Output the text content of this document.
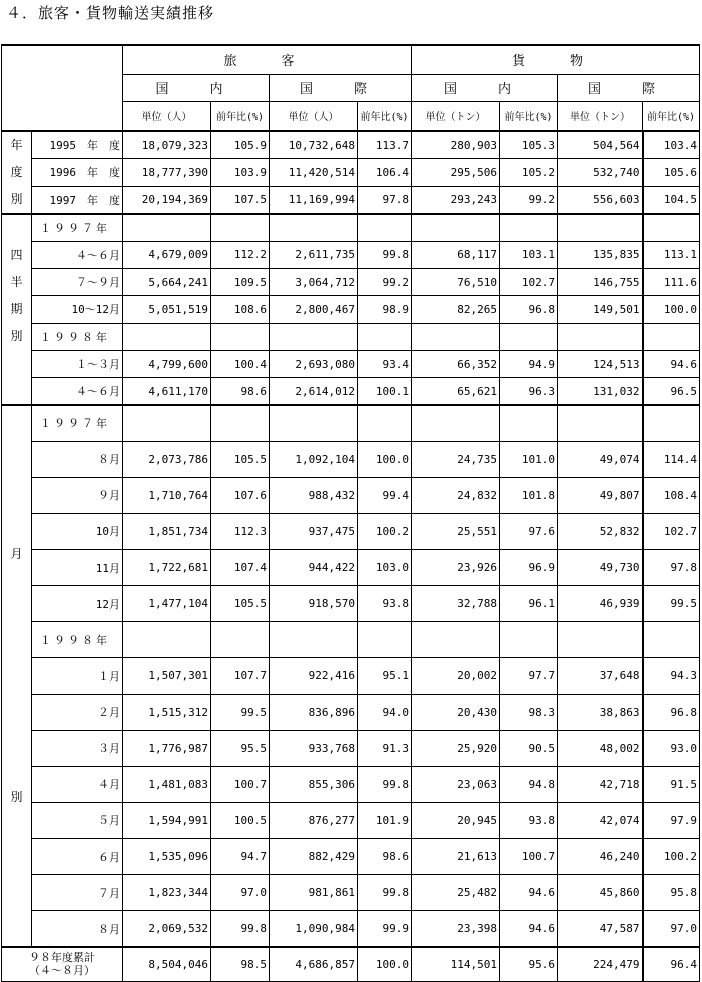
４．旅客・貨物輸送実績推移
		旅　客				貨　物			
		国　内		国　際		国　内		国　際	
		単位（人）	前年比(%)	単位（人）	前年比(%)	単位（トン）	前年比(%)	単位（トン）	前年比(%)

年
度
別	1995　年　度	18,079,323	105.9	10,732,648	113.7	280,903	105.3	504,564	103.4
	1996　年　度	18,777,390	103.9	11,420,514	106.4	295,506	105.2	532,740	105.6
	1997　年　度	20,194,369	107.5	11,169,994	97.8	293,243	99.2	556,603	104.5

四
半
期
別	１９９７年								
	４～６月	4,679,009	112.2	2,611,735	99.8	68,117	103.1	135,835	113.1
	７～９月	5,664,241	109.5	3,064,712	99.2	76,510	102.7	146,755	111.6
	10～12月	5,051,519	108.6	2,800,467	98.9	82,265	96.8	149,501	100.0
	１９９８年								
	１～３月	4,799,600	100.4	2,693,080	93.4	66,352	94.9	124,513	94.6
	４～６月	4,611,170	98.6	2,614,012	100.1	65,621	96.3	131,032	96.5

月
別	１９９７年								
	８月	2,073,786	105.5	1,092,104	100.0	24,735	101.0	49,074	114.4
	９月	1,710,764	107.6	988,432	99.4	24,832	101.8	49,807	108.4
	10月	1,851,734	112.3	937,475	100.2	25,551	97.6	52,832	102.7
	11月	1,722,681	107.4	944,422	103.0	23,926	96.9	49,730	97.8
	12月	1,477,104	105.5	918,570	93.8	32,788	96.1	46,939	99.5
	１９９８年								
	１月	1,507,301	107.7	922,416	95.1	20,002	97.7	37,648	94.3
	２月	1,515,312	99.5	836,896	94.0	20,430	98.3	38,863	96.8
	３月	1,776,987	95.5	933,768	91.3	25,920	90.5	48,002	93.0
	４月	1,481,083	100.7	855,306	99.8	23,063	94.8	42,718	91.5
	５月	1,594,991	100.5	876,277	101.9	20,945	93.8	42,074	97.9
	６月	1,535,096	94.7	882,429	98.6	21,613	100.7	46,240	100.2
	７月	1,823,344	97.0	981,861	99.8	25,482	94.6	45,860	95.8
	８月	2,069,532	99.8	1,090,984	99.9	23,398	94.6	47,587	97.0

９８年度累計
（４～８月）		8,504,046	98.5	4,686,857	100.0	114,501	95.6	224,479	96.4
